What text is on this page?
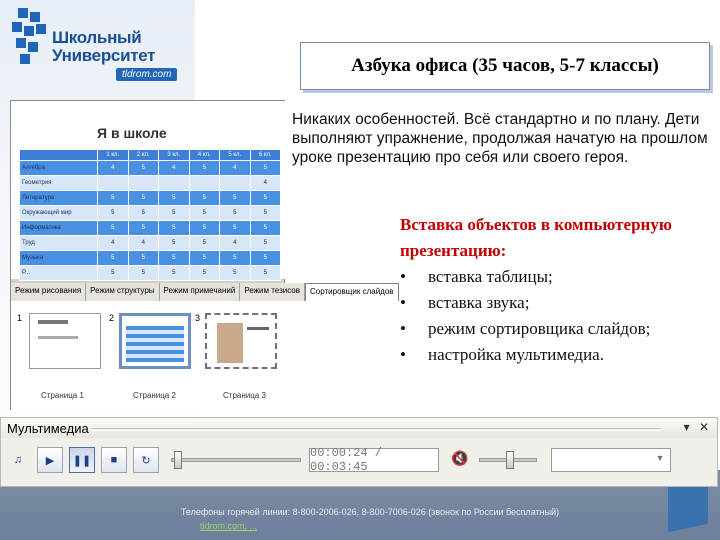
Школьный
Университет
tldrom.com	Азбука офиса (35 часов, 5-7 классы)
Никаких особенностей. Всё стандартно и по плану. Дети выполняют упражнение, продолжая начатую на прошлом уроке презентацию про себя или своего героя.
Я в школе
	1 кл.	2 кл.	3 кл.	4 кл.	5 кл.	6 кл.
Алгебра	4	5	4	5	4	5
Геометрия						4
Литература	5	5	5	5	5	5
Окружающий мир	5	5	5	5	5	5
Информатика	5	5	5	5	5	5
Труд	4	4	5	5	4	5
Музыка	5	5	5	5	5	5
Р...	5	5	5	5	5	5
Режим рисования	Режим структуры	Режим примечаний	Режим тезисов	Сортировщик слайдов
1
Страница 1
2
Страница 2
3
Страница 3
Вставка объектов в компьютерную презентацию:
•	вставка таблицы;
•	вставка звука;
•	режим сортировщика слайдов;
•	настройка мультимедиа.
Мультимедиа	▾ ✕
♫ ▶ ❚❚ ■ ↻
00:00:24 / 00:03:45
🔇	▼
Телефоны горячей линии: 8-800-2006-026, 8-800-7006-026 (звонок по России бесплатный)
tldrom.com, ...
